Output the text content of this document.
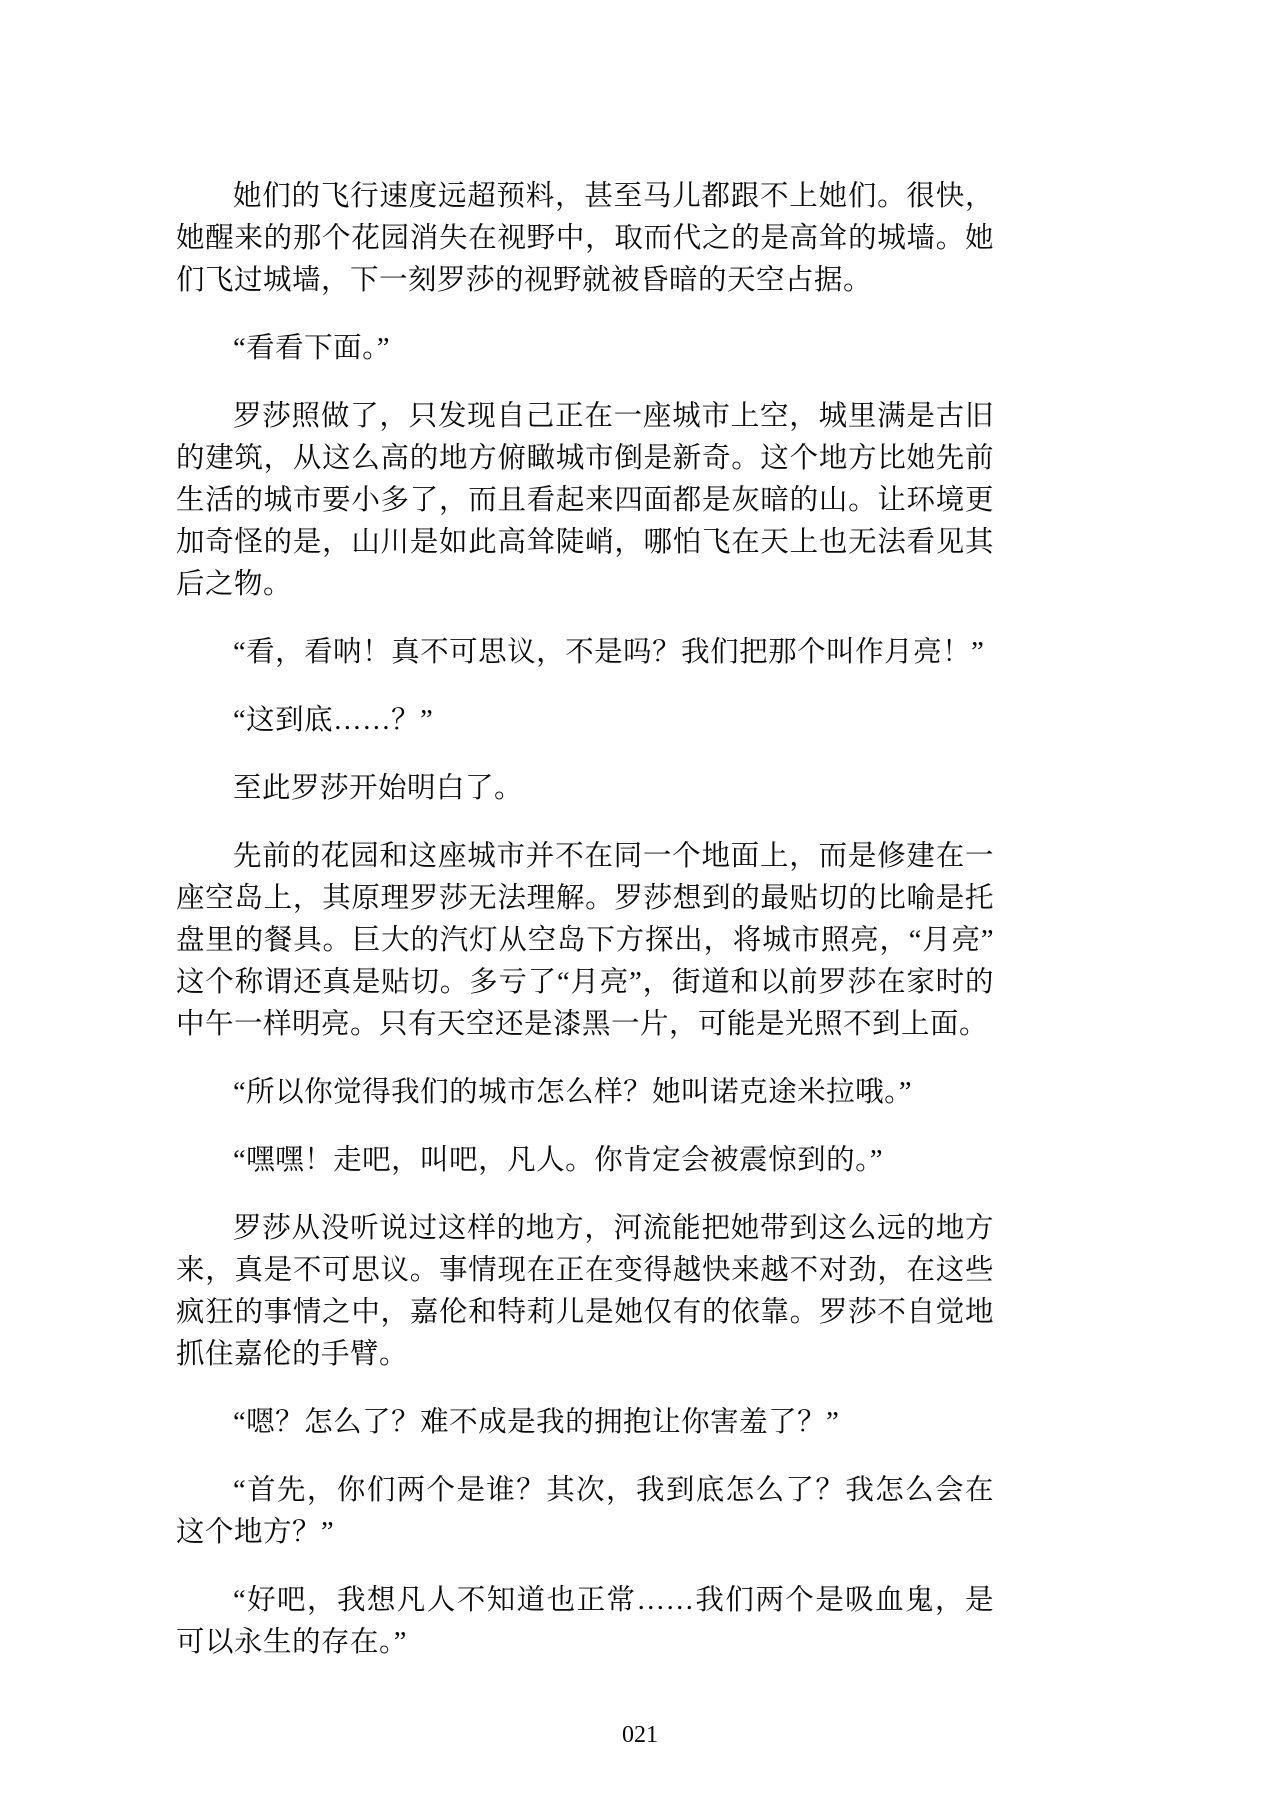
她们的飞行速度远超预料，甚至马儿都跟不上她们。很快，她醒来的那个花园消失在视野中，取而代之的是高耸的城墙。她们飞过城墙，下一刻罗莎的视野就被昏暗的天空占据。

“看看下面。”

罗莎照做了，只发现自己正在一座城市上空，城里满是古旧的建筑，从这么高的地方俯瞰城市倒是新奇。这个地方比她先前生活的城市要小多了，而且看起来四面都是灰暗的山。让环境更加奇怪的是，山川是如此高耸陡峭，哪怕飞在天上也无法看见其后之物。

“看，看呐！真不可思议，不是吗？我们把那个叫作月亮！”

“这到底……？”

至此罗莎开始明白了。

先前的花园和这座城市并不在同一个地面上，而是修建在一座空岛上，其原理罗莎无法理解。罗莎想到的最贴切的比喻是托盘里的餐具。巨大的汽灯从空岛下方探出，将城市照亮，“月亮”这个称谓还真是贴切。多亏了“月亮”，街道和以前罗莎在家时的中午一样明亮。只有天空还是漆黑一片，可能是光照不到上面。

“所以你觉得我们的城市怎么样？她叫诺克途米拉哦。”

“嘿嘿！走吧，叫吧，凡人。你肯定会被震惊到的。”

罗莎从没听说过这样的地方，河流能把她带到这么远的地方来，真是不可思议。事情现在正在变得越快来越不对劲，在这些疯狂的事情之中，嘉伦和特莉儿是她仅有的依靠。罗莎不自觉地抓住嘉伦的手臂。

“嗯？怎么了？难不成是我的拥抱让你害羞了？”

“首先，你们两个是谁？其次，我到底怎么了？我怎么会在这个地方？”

“好吧，我想凡人不知道也正常……我们两个是吸血鬼，是可以永生的存在。”

021
